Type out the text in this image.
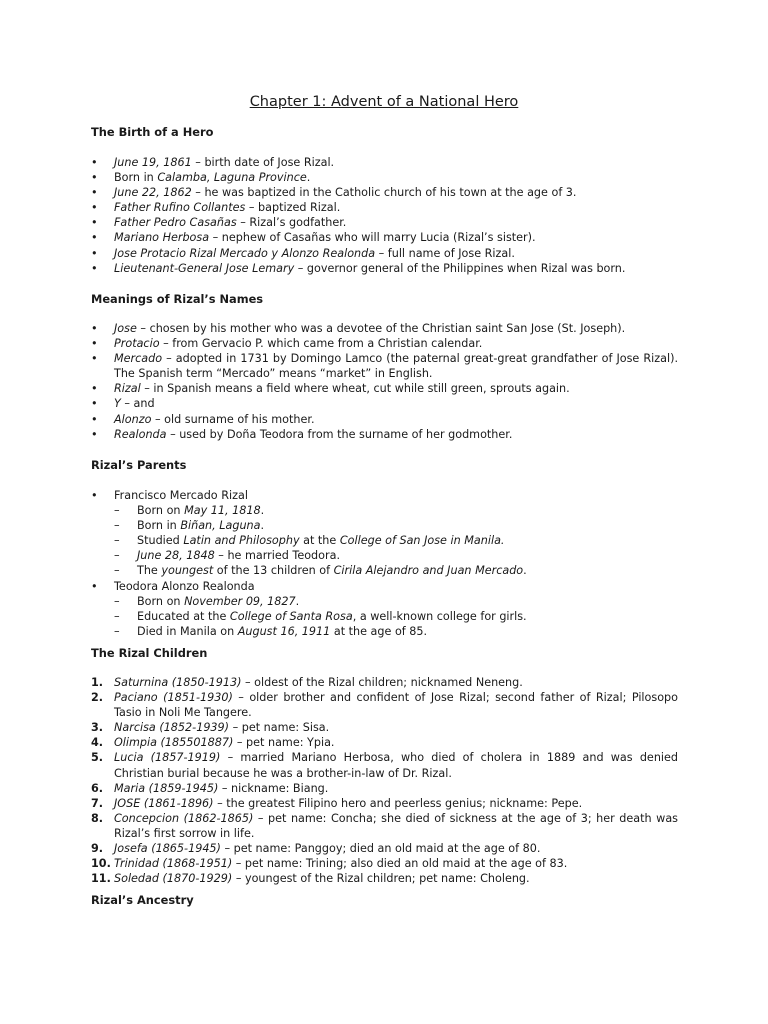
Chapter 1: Advent of a National Hero
The Birth of a Hero
• June 19, 1861 – birth date of Jose Rizal.
• Born in Calamba, Laguna Province.
• June 22, 1862 – he was baptized in the Catholic church of his town at the age of 3.
• Father Rufino Collantes – baptized Rizal.
• Father Pedro Casañas – Rizal’s godfather.
• Mariano Herbosa – nephew of Casañas who will marry Lucia (Rizal’s sister).
• Jose Protacio Rizal Mercado y Alonzo Realonda – full name of Jose Rizal.
• Lieutenant-General Jose Lemary – governor general of the Philippines when Rizal was born.
Meanings of Rizal’s Names
• Jose – chosen by his mother who was a devotee of the Christian saint San Jose (St. Joseph).
• Protacio – from Gervacio P. which came from a Christian calendar.
• Mercado – adopted in 1731 by Domingo Lamco (the paternal great-great grandfather of Jose Rizal). The Spanish term “Mercado” means “market” in English.
• Rizal – in Spanish means a field where wheat, cut while still green, sprouts again.
• Y – and
• Alonzo – old surname of his mother.
• Realonda – used by Doña Teodora from the surname of her godmother.
Rizal’s Parents
• Francisco Mercado Rizal
– Born on May 11, 1818.
– Born in Biñan, Laguna.
– Studied Latin and Philosophy at the College of San Jose in Manila.
– June 28, 1848 – he married Teodora.
– The youngest of the 13 children of Cirila Alejandro and Juan Mercado.
• Teodora Alonzo Realonda
– Born on November 09, 1827.
– Educated at the College of Santa Rosa, a well-known college for girls.
– Died in Manila on August 16, 1911 at the age of 85.
The Rizal Children
1. Saturnina (1850-1913) – oldest of the Rizal children; nicknamed Neneng.
2. Paciano (1851-1930) – older brother and confident of Jose Rizal; second father of Rizal; Pilosopo Tasio in Noli Me Tangere.
3. Narcisa (1852-1939) – pet name: Sisa.
4. Olimpia (185501887) – pet name: Ypia.
5. Lucia (1857-1919) – married Mariano Herbosa, who died of cholera in 1889 and was denied Christian burial because he was a brother-in-law of Dr. Rizal.
6. Maria (1859-1945) – nickname: Biang.
7. JOSE (1861-1896) – the greatest Filipino hero and peerless genius; nickname: Pepe.
8. Concepcion (1862-1865) – pet name: Concha; she died of sickness at the age of 3; her death was Rizal’s first sorrow in life.
9. Josefa (1865-1945) – pet name: Panggoy; died an old maid at the age of 80.
10. Trinidad (1868-1951) – pet name: Trining; also died an old maid at the age of 83.
11. Soledad (1870-1929) – youngest of the Rizal children; pet name: Choleng.
Rizal’s Ancestry
